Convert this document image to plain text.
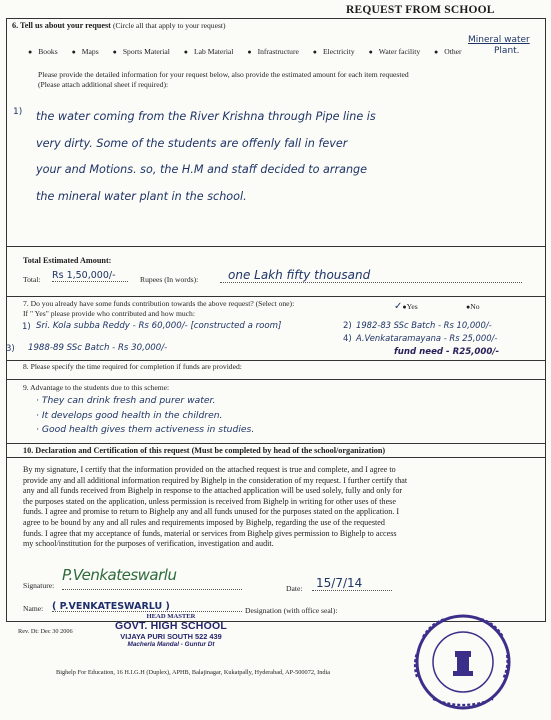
REQUEST FROM SCHOOL
6. Tell us about your request (Circle all that apply to your request)
● Books ● Maps ● Sports Material ● Lab Material ● Infrastructure ● Electricity ● Water facility ● Other
Mineral water
Plant.
Please provide the detailed information for your request below, also provide the estimated amount for each item requested
(Please attach additional sheet if required):
1) the water coming from the River Krishna through Pipe line is
very dirty. Some of the students are offenly fall in fever
your and Motions. so, the H.M and staff decided to arrange
the mineral water plant in the school.
Total Estimated Amount:
Total: Rs 1,50,000/-	Rupees (In words):	one Lakh fifty thousand
7. Do you already have some funds contribution towards the above request? (Select one):	✓●Yes	●No
If " Yes" please provide who contributed and how much:
1) Sri. Kola subba Reddy - Rs 60,000/- [constructed a room]	2) 1982-83 SSc Batch - Rs 10,000/-
3) 1988-89 SSc Batch - Rs 30,000/-
4) A.Venkataramayana - Rs 25,000/-
fund need - R25,000/-
8. Please specify the time required for completion if funds are provided:
9. Advantage to the students due to this scheme:
· They can drink fresh and purer water.
· It develops good health in the children.
· Good health gives them activeness in studies.
10. Declaration and Certification of this request (Must be completed by head of the school/organization)
By my signature, I certify that the information provided on the attached request is true and complete, and I agree to
provide any and all additional information required by Bighelp in the consideration of my request. I further certify that
any and all funds received from Bighelp in response to the attached application will be used solely, fully and only for
the purposes stated on the application, unless permission is received from Bighelp in writing for other uses of these
funds. I agree and promise to return to Bighelp any and all funds unused for the purposes stated on the application. I
agree to be bound by any and all rules and requirements imposed by Bighelp, regarding the use of the requested
funds. I agree that my acceptance of funds, material or services from Bighelp gives permission to Bighelp to access
my school/institution for the purposes of verification, investigation and audit.
Signature:
P.Venkateswarlu
Date:	15/7/14
Name: ( P.VENKATESWARLU )	Designation (with office seal):
HEAD MASTER
GOVT. HIGH SCHOOL
VIJAYA PURI SOUTH 522 439
Macherla Mandal - Guntur Dt
Rev. Dt: Dec 30 2006
Bighelp For Education, 16 H.I.G.H (Duplex), APHB, Balajinagar, Kukatpally, Hyderabad, AP-500072, India
